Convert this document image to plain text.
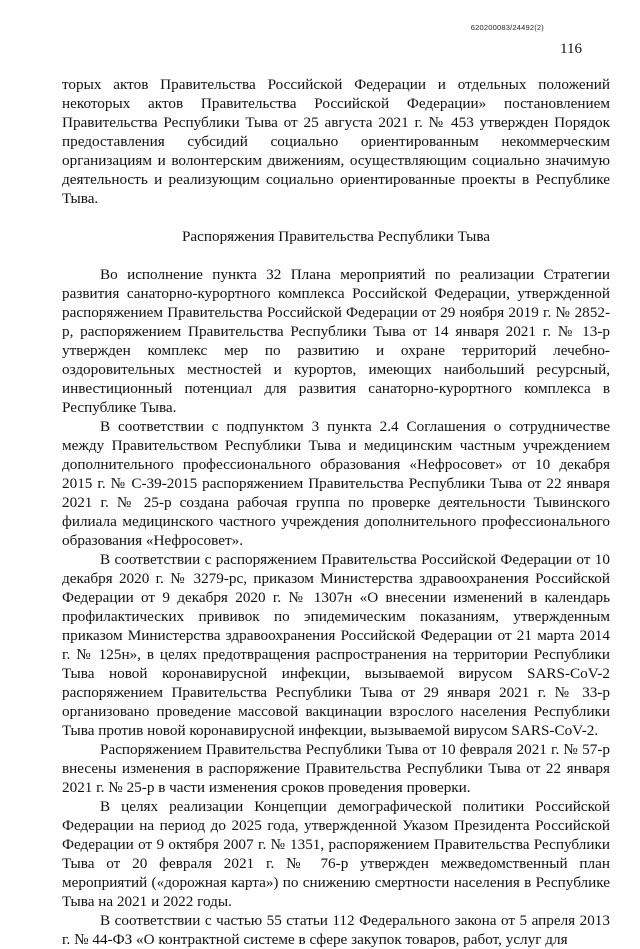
620200083/24492(2)
116

торых актов Правительства Российской Федерации и отдельных положений некоторых актов Правительства Российской Федерации» постановлением Правительства Республики Тыва от 25 августа 2021 г. № 453 утвержден Порядок предоставления субсидий социально ориентированным некоммерческим организациям и волонтерским движениям, осуществляющим социально значимую деятельность и реализующим социально ориентированные проекты в Республике Тыва.

Распоряжения Правительства Республики Тыва

Во исполнение пункта 32 Плана мероприятий по реализации Стратегии развития санаторно-курортного комплекса Российской Федерации, утвержденной распоряжением Правительства Российской Федерации от 29 ноября 2019 г. № 2852-р, распоряжением Правительства Республики Тыва от 14 января 2021 г. № 13-р утвержден комплекс мер по развитию и охране территорий лечебно-оздоровительных местностей и курортов, имеющих наибольший ресурсный, инвестиционный потенциал для развития санаторно-курортного комплекса в Республике Тыва.

В соответствии с подпунктом 3 пункта 2.4 Соглашения о сотрудничестве между Правительством Республики Тыва и медицинским частным учреждением дополнительного профессионального образования «Нефросовет» от 10 декабря 2015 г. № С-39-2015 распоряжением Правительства Республики Тыва от 22 января 2021 г. № 25-р создана рабочая группа по проверке деятельности Тывинского филиала медицинского частного учреждения дополнительного профессионального образования «Нефросовет».

В соответствии с распоряжением Правительства Российской Федерации от 10 декабря 2020 г. № 3279-рс, приказом Министерства здравоохранения Российской Федерации от 9 декабря 2020 г. № 1307н «О внесении изменений в календарь профилактических прививок по эпидемическим показаниям, утвержденным приказом Министерства здравоохранения Российской Федерации от 21 марта 2014 г. № 125н», в целях предотвращения распространения на территории Республики Тыва новой коронавирусной инфекции, вызываемой вирусом SARS-CoV-2 распоряжением Правительства Республики Тыва от 29 января 2021 г. № 33-р организовано проведение массовой вакцинации взрослого населения Республики Тыва против новой коронавирусной инфекции, вызываемой вирусом SARS-CoV-2.

Распоряжением Правительства Республики Тыва от 10 февраля 2021 г. № 57-р внесены изменения в распоряжение Правительства Республики Тыва от 22 января 2021 г. № 25-р в части изменения сроков проведения проверки.

В целях реализации Концепции демографической политики Российской Федерации на период до 2025 года, утвержденной Указом Президента Российской Федерации от 9 октября 2007 г. № 1351, распоряжением Правительства Республики Тыва от 20 февраля 2021 г. № 76-р утвержден межведомственный план мероприятий («дорожная карта») по снижению смертности населения в Республике Тыва на 2021 и 2022 годы.

В соответствии с частью 55 статьи 112 Федерального закона от 5 апреля 2013 г. № 44-ФЗ «О контрактной системе в сфере закупок товаров, работ, услуг для
